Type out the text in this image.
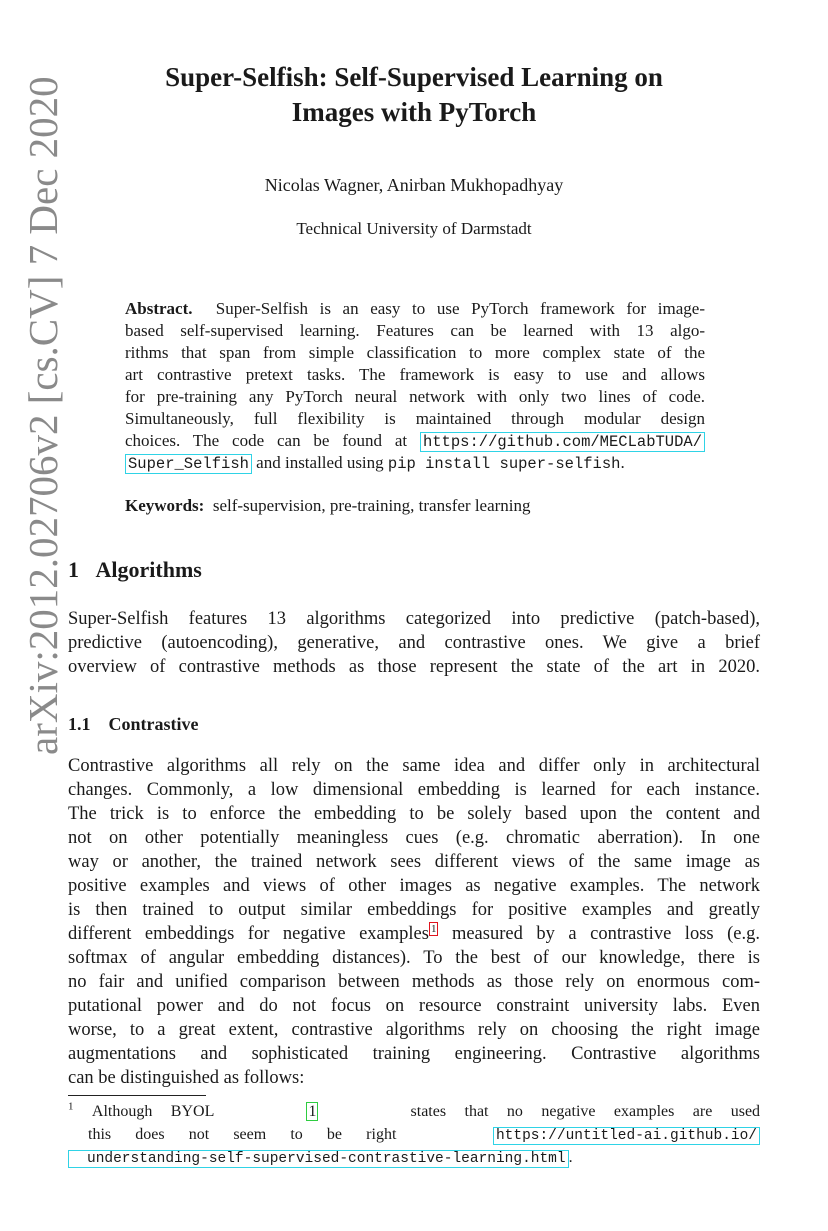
arXiv:2012.02706v2 [cs.CV] 7 Dec 2020	Super-Selfish: Self-Supervised Learning on
Images with PyTorch
Nicolas Wagner, Anirban Mukhopadhyay
Technical University of Darmstadt
Abstract. Super-Selfish is an easy to use PyTorch framework for image-
based self-supervised learning. Features can be learned with 13 algo-
rithms that span from simple classification to more complex state of the
art contrastive pretext tasks. The framework is easy to use and allows
for pre-training any PyTorch neural network with only two lines of code.
Simultaneously, full flexibility is maintained through modular design
choices. The code can be found at https://github.com/MECLabTUDA/
Super_Selfish and installed using pip install super-selfish.
Keywords: self-supervision, pre-training, transfer learning
1 Algorithms
Super-Selfish features 13 algorithms categorized into predictive (patch-based),
predictive (autoencoding), generative, and contrastive ones. We give a brief
overview of contrastive methods as those represent the state of the art in 2020.
1.1 Contrastive
Contrastive algorithms all rely on the same idea and differ only in architectural
changes. Commonly, a low dimensional embedding is learned for each instance.
The trick is to enforce the embedding to be solely based upon the content and
not on other potentially meaningless cues (e.g. chromatic aberration). In one
way or another, the trained network sees different views of the same image as
positive examples and views of other images as negative examples. The network
is then trained to output similar embeddings for positive examples and greatly
different embeddings for negative examples $^1$ measured by a contrastive loss (e.g.
softmax of angular embedding distances). To the best of our knowledge, there is
no fair and unified comparison between methods as those rely on enormous com-
putational power and do not focus on resource constraint university labs. Even
worse, to a great extent, contrastive algorithms rely on choosing the right image
augmentations and sophisticated training engineering. Contrastive algorithms
can be distinguished as follows:
$^1$ Although BYOL	1	states that no negative examples are used
this does not seem to be right	https://untitled-ai.github.io/
understanding-self-supervised-contrastive-learning.html .
